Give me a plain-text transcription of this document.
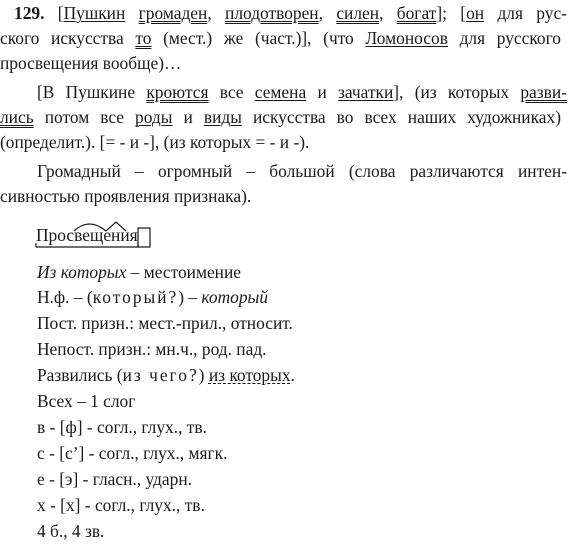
129. [Пушкин громаден, плодотворен, силен, богат]; [он для рус-
ского искусства то (мест.) же (част.)], (что Ломоносов для русского
просвещения вообще)…
[В Пушкине кроются все семена и зачатки], (из которых разви-
лись потом все роды и виды искусства во всех наших художниках)
(определит.). [= - и -], (из которых = - и -).
Громадный – огромный – большой (слова различаются интен-
сивностью проявления признака).
Просвещения
Из которых – местоимение
Н.ф. – (который?) – который
Пост. призн.: мест.-прил., относит.
Непост. призн.: мн.ч., род. пад.
Развились (из чего?) из которых.
Всех – 1 слог
в - [ф] - согл., глух., тв.
с - [с’] - согл., глух., мягк.
е - [э] - гласн., ударн.
х - [х] - согл., глух., тв.
4 б., 4 зв.
